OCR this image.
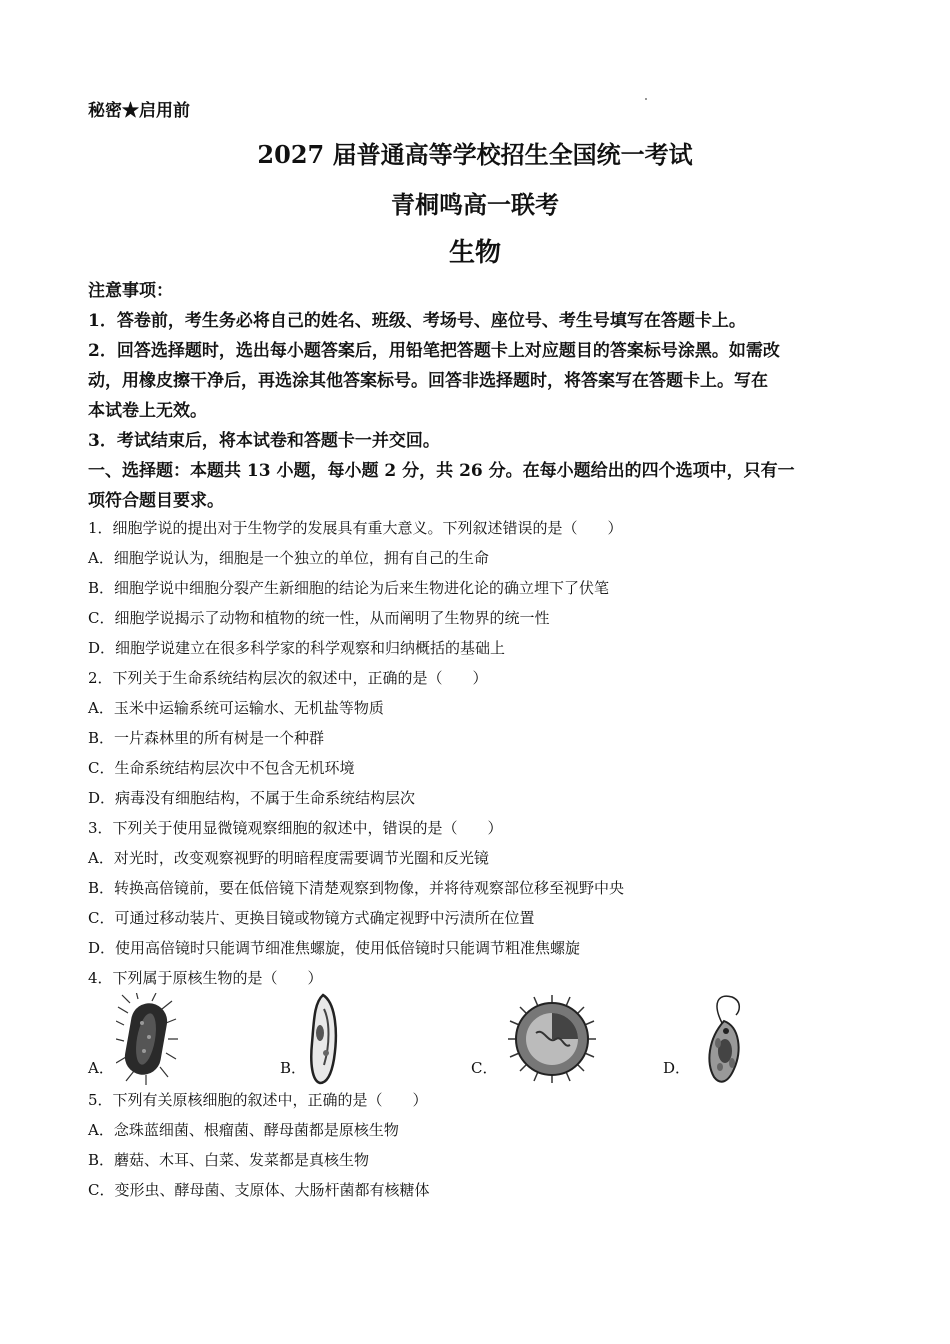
秘密★启用前
2027 届普通高等学校招生全国统一考试
青桐鸣高一联考
生物
注意事项：
1．答卷前，考生务必将自己的姓名、班级、考场号、座位号、考生号填写在答题卡上。
2．回答选择题时，选出每小题答案后，用铅笔把答题卡上对应题目的答案标号涂黑。如需改
动，用橡皮擦干净后，再选涂其他答案标号。回答非选择题时，将答案写在答题卡上。写在
本试卷上无效。
3．考试结束后，将本试卷和答题卡一并交回。
一、选择题：本题共 13 小题，每小题 2 分，共 26 分。在每小题给出的四个选项中，只有一
项符合题目要求。
1．细胞学说的提出对于生物学的发展具有重大意义。下列叙述错误的是（　　）
A．细胞学说认为，细胞是一个独立的单位，拥有自己的生命
B．细胞学说中细胞分裂产生新细胞的结论为后来生物进化论的确立埋下了伏笔
C．细胞学说揭示了动物和植物的统一性，从而阐明了生物界的统一性
D．细胞学说建立在很多科学家的科学观察和归纳概括的基础上
2．下列关于生命系统结构层次的叙述中，正确的是（　　）
A．玉米中运输系统可运输水、无机盐等物质
B．一片森林里的所有树是一个种群
C．生命系统结构层次中不包含无机环境
D．病毒没有细胞结构，不属于生命系统结构层次
3．下列关于使用显微镜观察细胞的叙述中，错误的是（　　）
A．对光时，改变观察视野的明暗程度需要调节光圈和反光镜
B．转换高倍镜前，要在低倍镜下清楚观察到物像，并将待观察部位移至视野中央
C．可通过移动装片、更换目镜或物镜方式确定视野中污渍所在位置
D．使用高倍镜时只能调节细准焦螺旋，使用低倍镜时只能调节粗准焦螺旋
4．下列属于原核生物的是（　　）
A．	B．	C．	D．
5．下列有关原核细胞的叙述中，正确的是（　　）
A．念珠蓝细菌、根瘤菌、酵母菌都是原核生物
B．蘑菇、木耳、白菜、发菜都是真核生物
C．变形虫、酵母菌、支原体、大肠杆菌都有核糖体
